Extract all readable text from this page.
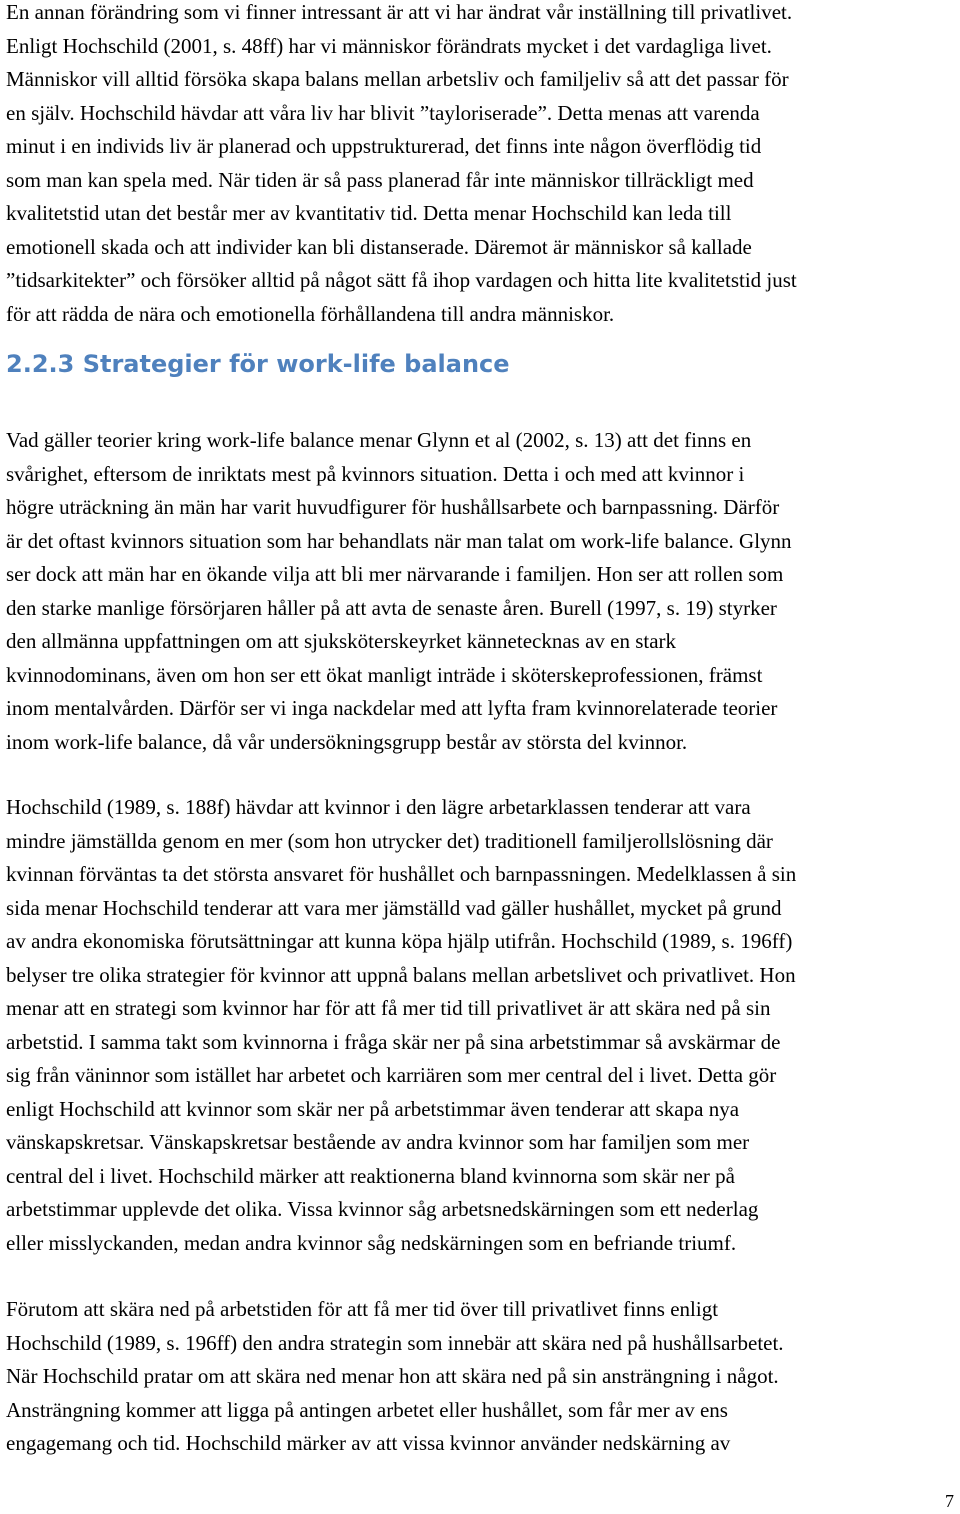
En annan förändring som vi finner intressant är att vi har ändrat vår inställning till privatlivet.
Enligt Hochschild (2001, s. 48ff) har vi människor förändrats mycket i det vardagliga livet.
Människor vill alltid försöka skapa balans mellan arbetsliv och familjeliv så att det passar för
en själv. Hochschild hävdar att våra liv har blivit ”tayloriserade”. Detta menas att varenda
minut i en individs liv är planerad och uppstrukturerad, det finns inte någon överflödig tid
som man kan spela med. När tiden är så pass planerad får inte människor tillräckligt med
kvalitetstid utan det består mer av kvantitativ tid. Detta menar Hochschild kan leda till
emotionell skada och att individer kan bli distanserade. Däremot är människor så kallade
”tidsarkitekter” och försöker alltid på något sätt få ihop vardagen och hitta lite kvalitetstid just
för att rädda de nära och emotionella förhållandena till andra människor.

2.2.3 Strategier för work-life balance

Vad gäller teorier kring work-life balance menar Glynn et al (2002, s. 13) att det finns en
svårighet, eftersom de inriktats mest på kvinnors situation. Detta i och med att kvinnor i
högre uträckning än män har varit huvudfigurer för hushållsarbete och barnpassning. Därför
är det oftast kvinnors situation som har behandlats när man talat om work-life balance. Glynn
ser dock att män har en ökande vilja att bli mer närvarande i familjen. Hon ser att rollen som
den starke manlige försörjaren håller på att avta de senaste åren. Burell (1997, s. 19) styrker
den allmänna uppfattningen om att sjuksköterskeyrket kännetecknas av en stark
kvinnodominans, även om hon ser ett ökat manligt inträde i sköterskeprofessionen, främst
inom mentalvården. Därför ser vi inga nackdelar med att lyfta fram kvinnorelaterade teorier
inom work-life balance, då vår undersökningsgrupp består av största del kvinnor.

Hochschild (1989, s. 188f) hävdar att kvinnor i den lägre arbetarklassen tenderar att vara
mindre jämställda genom en mer (som hon utrycker det) traditionell familjerollslösning där
kvinnan förväntas ta det största ansvaret för hushållet och barnpassningen. Medelklassen å sin
sida menar Hochschild tenderar att vara mer jämställd vad gäller hushållet, mycket på grund
av andra ekonomiska förutsättningar att kunna köpa hjälp utifrån. Hochschild (1989, s. 196ff)
belyser tre olika strategier för kvinnor att uppnå balans mellan arbetslivet och privatlivet. Hon
menar att en strategi som kvinnor har för att få mer tid till privatlivet är att skära ned på sin
arbetstid. I samma takt som kvinnorna i fråga skär ner på sina arbetstimmar så avskärmar de
sig från väninnor som istället har arbetet och karriären som mer central del i livet. Detta gör
enligt Hochschild att kvinnor som skär ner på arbetstimmar även tenderar att skapa nya
vänskapskretsar. Vänskapskretsar bestående av andra kvinnor som har familjen som mer
central del i livet. Hochschild märker att reaktionerna bland kvinnorna som skär ner på
arbetstimmar upplevde det olika. Vissa kvinnor såg arbetsnedskärningen som ett nederlag
eller misslyckanden, medan andra kvinnor såg nedskärningen som en befriande triumf.

Förutom att skära ned på arbetstiden för att få mer tid över till privatlivet finns enligt
Hochschild (1989, s. 196ff) den andra strategin som innebär att skära ned på hushållsarbetet.
När Hochschild pratar om att skära ned menar hon att skära ned på sin ansträngning i något.
Ansträngning kommer att ligga på antingen arbetet eller hushållet, som får mer av ens
engagemang och tid. Hochschild märker av att vissa kvinnor använder nedskärning av

7
